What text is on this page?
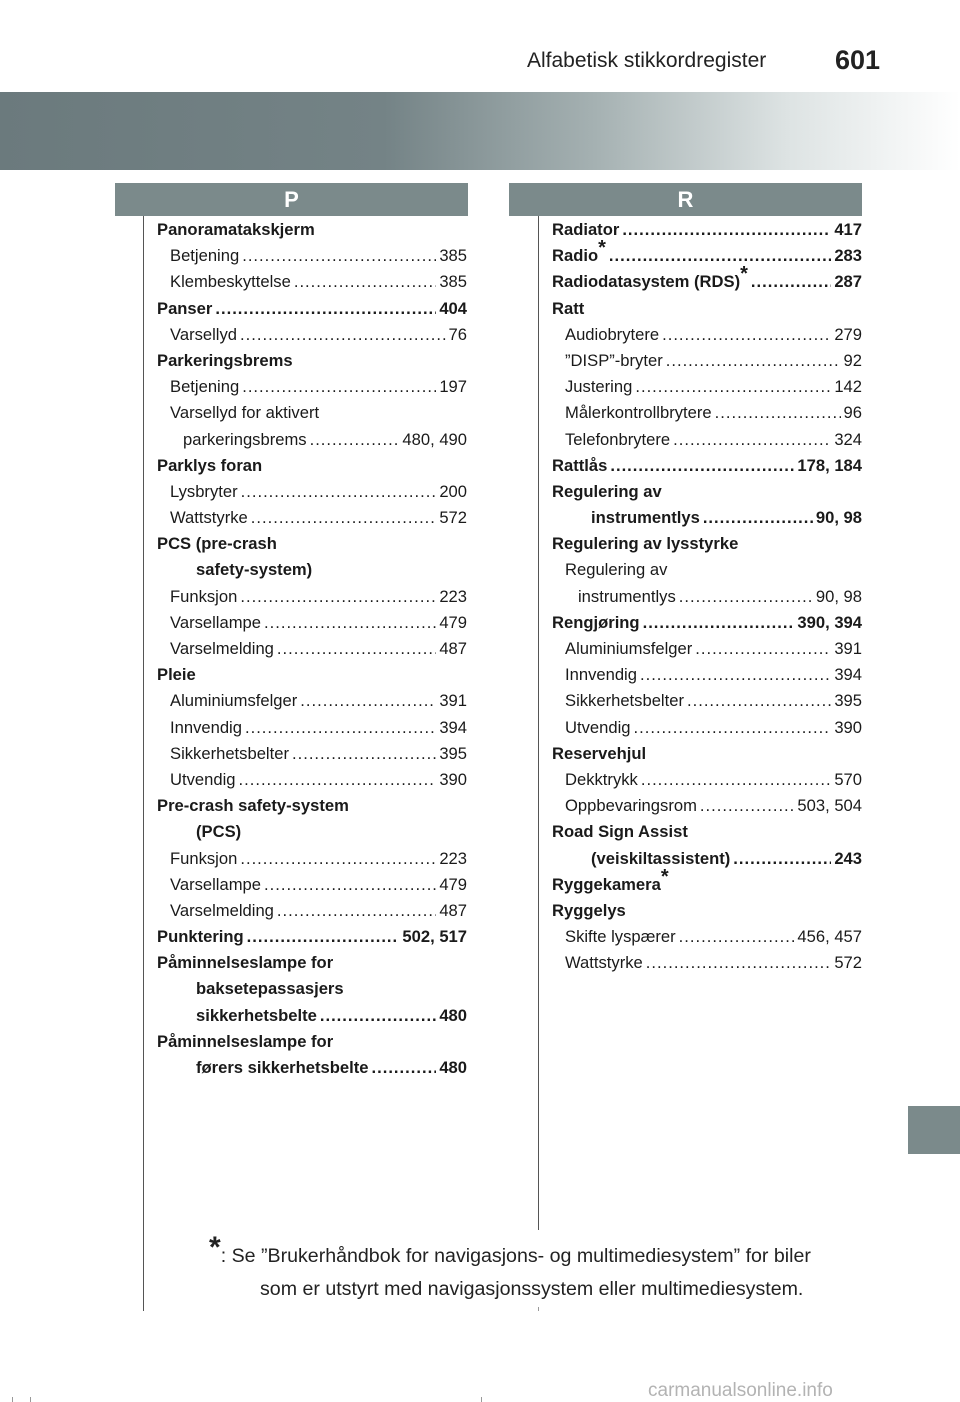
Alfabetisk stikkordregister	601
P	R
Panoramatakskjerm
Betjening .....	385
Klembeskyttelse .....	385
Panser .....	404
Varsellyd .....	76
Parkeringsbrems
Betjening .....	197
Varsellyd for aktivert
parkeringsbrems .....	480, 490
Parklys foran
Lysbryter .....	200
Wattstyrke .....	572
PCS (pre-crash
safety-system)
Funksjon .....	223
Varsellampe .....	479
Varselmelding .....	487
Pleie
Aluminiumsfelger .....	391
Innvendig .....	394
Sikkerhetsbelter .....	395
Utvendig .....	390
Pre-crash safety-system
(PCS)
Funksjon .....	223
Varsellampe .....	479
Varselmelding .....	487
Punktering .....	502, 517
Påminnelseslampe for
baksetepassasjers
sikkerhetsbelte .....	480
Påminnelseslampe for
førers sikkerhetsbelte .....	480
Radiator .....	417
Radio* .....	283
Radiodatasystem (RDS)* .....	287
Ratt
Audiobrytere .....	279
”DISP”-bryter .....	92
Justering .....	142
Målerkontrollbrytere .....	96
Telefonbrytere .....	324
Rattlås .....	178, 184
Regulering av
instrumentlys .....	90, 98
Regulering av lysstyrke
Regulering av
instrumentlys .....	90, 98
Rengjøring .....	390, 394
Aluminiumsfelger .....	391
Innvendig .....	394
Sikkerhetsbelter .....	395
Utvendig .....	390
Reservehjul
Dekktrykk .....	570
Oppbevaringsrom .....	503, 504
Road Sign Assist
(veiskiltassistent) .....	243
Ryggekamera*
Ryggelys
Skifte lyspærer .....	456, 457
Wattstyrke .....	572
*: Se ”Brukerhåndbok for navigasjons- og multimediesystem” for biler
som er utstyrt med navigasjonssystem eller multimediesystem.
carmanualsonline.info
